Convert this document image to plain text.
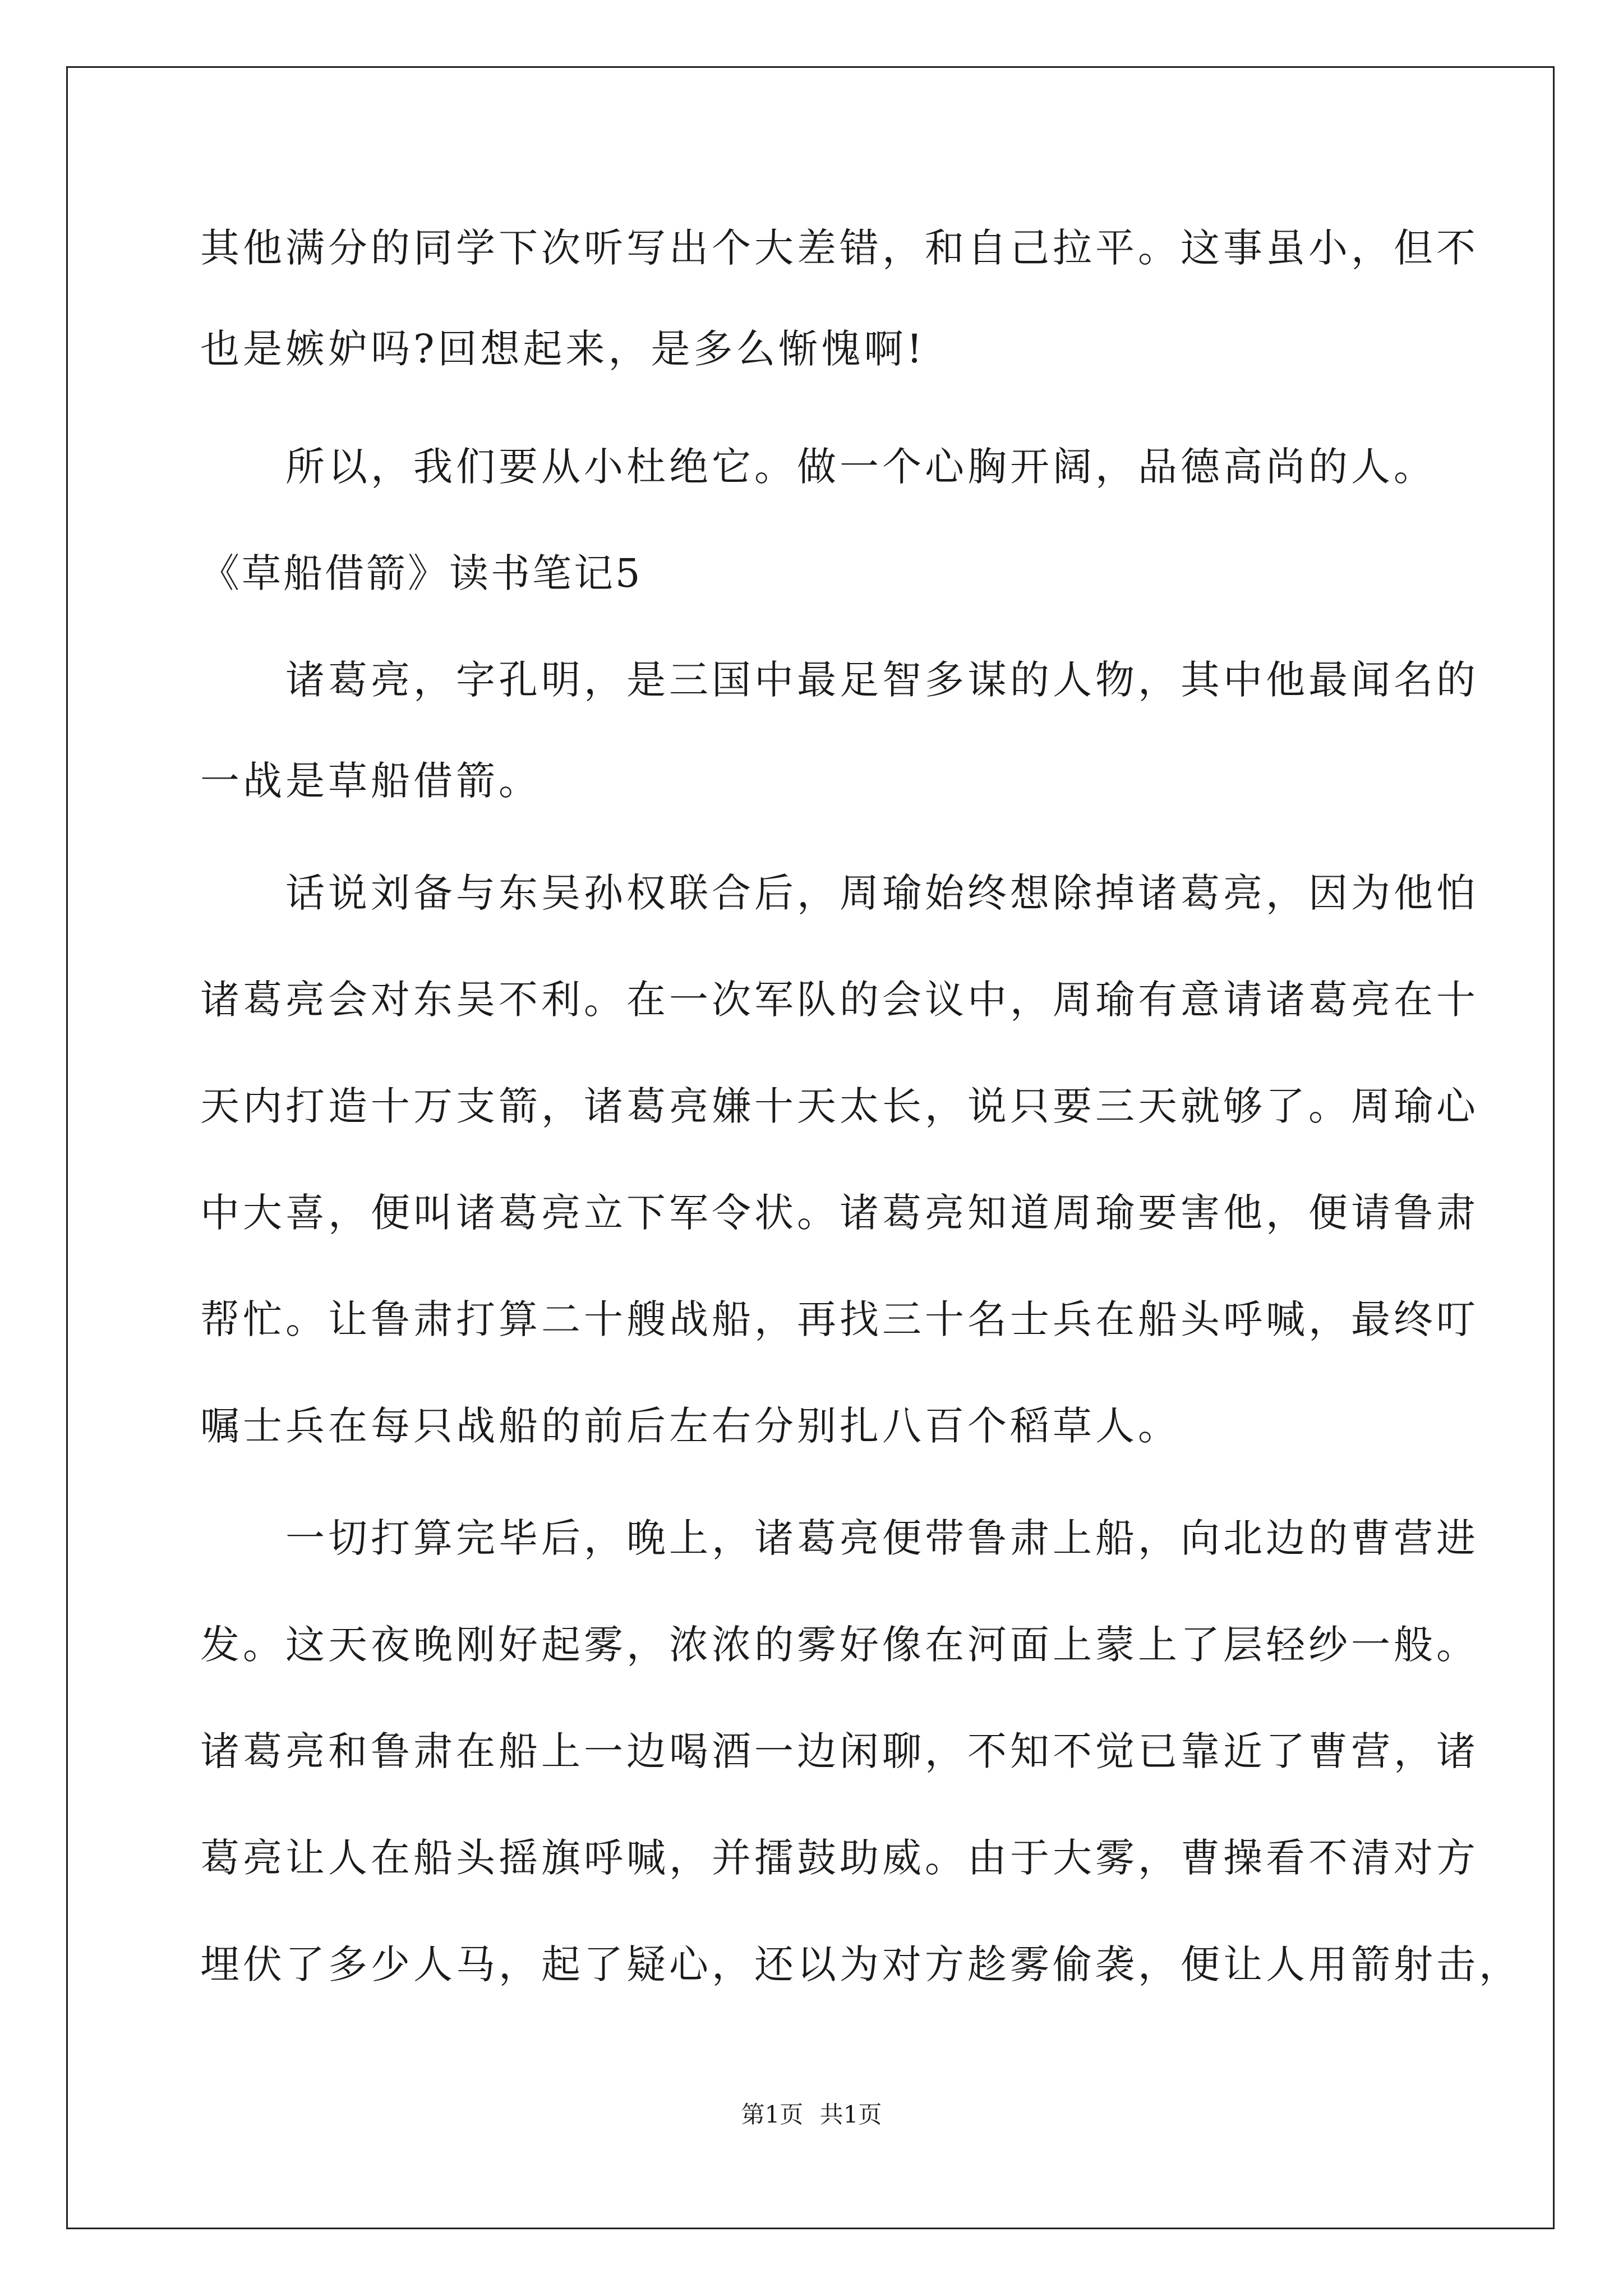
其他满分的同学下次听写出个大差错，和自己拉平。这事虽小，但不
也是嫉妒吗?回想起来，是多么惭愧啊!
　　所以，我们要从小杜绝它。做一个心胸开阔，品德高尚的人。
《草船借箭》读书笔记5
　　诸葛亮，字孔明，是三国中最足智多谋的人物，其中他最闻名的
一战是草船借箭。
　　话说刘备与东吴孙权联合后，周瑜始终想除掉诸葛亮，因为他怕
诸葛亮会对东吴不利。在一次军队的会议中，周瑜有意请诸葛亮在十
天内打造十万支箭，诸葛亮嫌十天太长，说只要三天就够了。周瑜心
中大喜，便叫诸葛亮立下军令状。诸葛亮知道周瑜要害他，便请鲁肃
帮忙。让鲁肃打算二十艘战船，再找三十名士兵在船头呼喊，最终叮
嘱士兵在每只战船的前后左右分别扎八百个稻草人。
　　一切打算完毕后，晚上，诸葛亮便带鲁肃上船，向北边的曹营进
发。这天夜晚刚好起雾，浓浓的雾好像在河面上蒙上了层轻纱一般。
诸葛亮和鲁肃在船上一边喝酒一边闲聊，不知不觉已靠近了曹营，诸
葛亮让人在船头摇旗呼喊，并擂鼓助威。由于大雾，曹操看不清对方
埋伏了多少人马，起了疑心，还以为对方趁雾偷袭，便让人用箭射击，
第1页 共1页
